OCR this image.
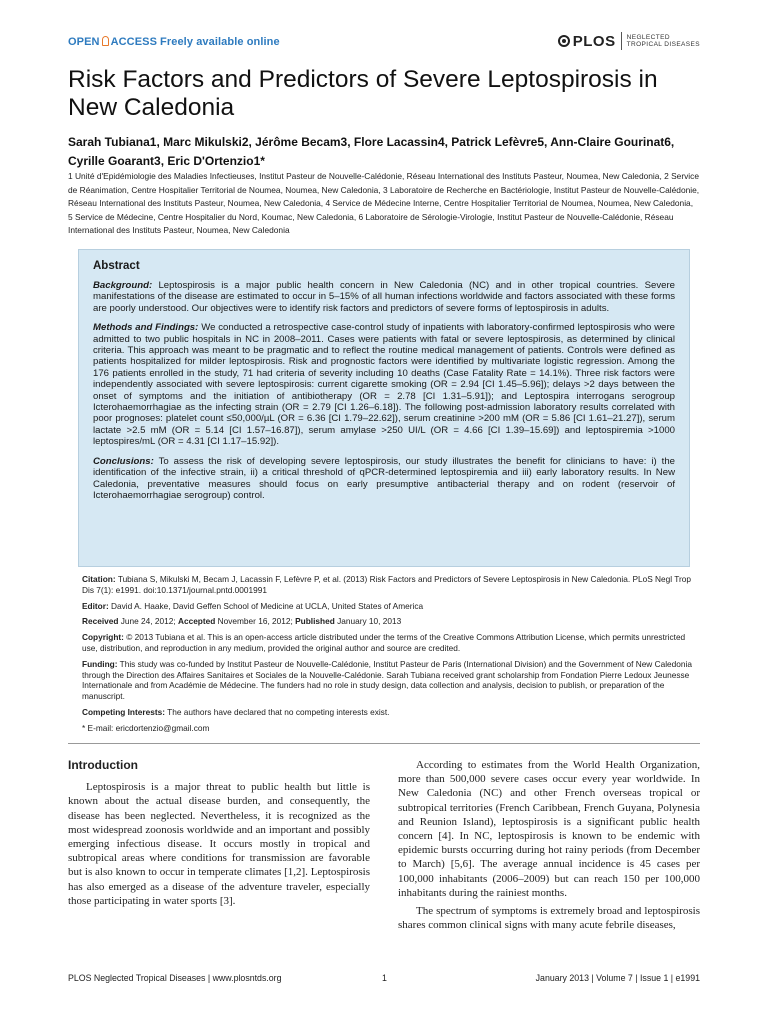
OPEN ACCESS Freely available online	PLOS NEGLECTED
TROPICAL DISEASES
Risk Factors and Predictors of Severe Leptospirosis in New Caledonia
Sarah Tubiana1, Marc Mikulski2, Jérôme Becam3, Flore Lacassin4, Patrick Lefèvre5, Ann-Claire Gourinat6, Cyrille Goarant3, Eric D'Ortenzio1*
1 Unité d'Epidémiologie des Maladies Infectieuses, Institut Pasteur de Nouvelle-Calédonie, Réseau International des Instituts Pasteur, Noumea, New Caledonia, 2 Service de Réanimation, Centre Hospitalier Territorial de Noumea, Noumea, New Caledonia, 3 Laboratoire de Recherche en Bactériologie, Institut Pasteur de Nouvelle-Calédonie, Réseau International des Instituts Pasteur, Noumea, New Caledonia, 4 Service de Médecine Interne, Centre Hospitalier Territorial de Noumea, Noumea, New Caledonia, 5 Service de Médecine, Centre Hospitalier du Nord, Koumac, New Caledonia, 6 Laboratoire de Sérologie-Virologie, Institut Pasteur de Nouvelle-Calédonie, Réseau International des Instituts Pasteur, Noumea, New Caledonia
Abstract

Background: Leptospirosis is a major public health concern in New Caledonia (NC) and in other tropical countries. Severe manifestations of the disease are estimated to occur in 5–15% of all human infections worldwide and factors associated with these forms are poorly understood. Our objectives were to identify risk factors and predictors of severe forms of leptospirosis in adults.

Methods and Findings: We conducted a retrospective case-control study of inpatients with laboratory-confirmed leptospirosis who were admitted to two public hospitals in NC in 2008–2011. Cases were patients with fatal or severe leptospirosis, as determined by clinical criteria. This approach was meant to be pragmatic and to reflect the routine medical management of patients. Controls were defined as patients hospitalized for milder leptospirosis. Risk and prognostic factors were identified by multivariate logistic regression. Among the 176 patients enrolled in the study, 71 had criteria of severity including 10 deaths (Case Fatality Rate = 14.1%). Three risk factors were independently associated with severe leptospirosis: current cigarette smoking (OR = 2.94 [CI 1.45–5.96]); delays >2 days between the onset of symptoms and the initiation of antibiotherapy (OR = 2.78 [CI 1.31–5.91]); and Leptospira interrogans serogroup Icterohaemorrhagiae as the infecting strain (OR = 2.79 [CI 1.26–6.18]). The following post-admission laboratory results correlated with poor prognoses: platelet count ≤50,000/µL (OR = 6.36 [CI 1.79–22.62]), serum creatinine >200 mM (OR = 5.86 [CI 1.61–21.27]), serum lactate >2.5 mM (OR = 5.14 [CI 1.57–16.87]), serum amylase >250 UI/L (OR = 4.66 [CI 1.39–15.69]) and leptospiremia >1000 leptospires/mL (OR = 4.31 [CI 1.17–15.92]).

Conclusions: To assess the risk of developing severe leptospirosis, our study illustrates the benefit for clinicians to have: i) the identification of the infective strain, ii) a critical threshold of qPCR-determined leptospiremia and iii) early laboratory results. In New Caledonia, preventative measures should focus on early presumptive antibacterial therapy and on rodent (reservoir of Icterohaemorrhagiae serogroup) control.

Citation: Tubiana S, Mikulski M, Becam J, Lacassin F, Lefèvre P, et al. (2013) Risk Factors and Predictors of Severe Leptospirosis in New Caledonia. PLoS Negl Trop Dis 7(1): e1991. doi:10.1371/journal.pntd.0001991

Editor: David A. Haake, David Geffen School of Medicine at UCLA, United States of America

Received June 24, 2012; Accepted November 16, 2012; Published January 10, 2013

Copyright: © 2013 Tubiana et al. This is an open-access article distributed under the terms of the Creative Commons Attribution License, which permits unrestricted use, distribution, and reproduction in any medium, provided the original author and source are credited.

Funding: This study was co-funded by Institut Pasteur de Nouvelle-Calédonie, Institut Pasteur de Paris (International Division) and the Government of New Caledonia through the Direction des Affaires Sanitaires et Sociales de la Nouvelle-Calédonie. Sarah Tubiana received grant scholarship from Fondation Pierre Ledoux Jeunesse Internationale and from Académie de Médecine. The funders had no role in study design, data collection and analysis, decision to publish, or preparation of the manuscript.

Competing Interests: The authors have declared that no competing interests exist.

* E-mail: ericdortenzio@gmail.com

Introduction

Leptospirosis is a major threat to public health but little is known about the actual disease burden, and consequently, the disease has been neglected. Nevertheless, it is recognized as the most widespread zoonosis worldwide and an important and possibly emerging infectious disease. It occurs mostly in tropical and subtropical areas where conditions for transmission are favorable but is also known to occur in temperate climates [1,2]. Leptospirosis has also emerged as a disease of the adventure traveler, especially those participating in water sports [3].

According to estimates from the World Health Organization, more than 500,000 severe cases occur every year worldwide. In New Caledonia (NC) and other French overseas tropical or subtropical territories (French Caribbean, French Guyana, Polynesia and Reunion Island), leptospirosis is a significant public health concern [4]. In NC, leptospirosis is known to be endemic with epidemic bursts occurring during hot rainy periods (from December to March) [5,6]. The average annual incidence is 45 cases per 100,000 inhabitants (2006–2009) but can reach 150 per 100,000 inhabitants during the rainiest months.

The spectrum of symptoms is extremely broad and leptospirosis shares common clinical signs with many acute febrile diseases,

PLOS Neglected Tropical Diseases | www.plosntds.org	1	January 2013 | Volume 7 | Issue 1 | e1991
